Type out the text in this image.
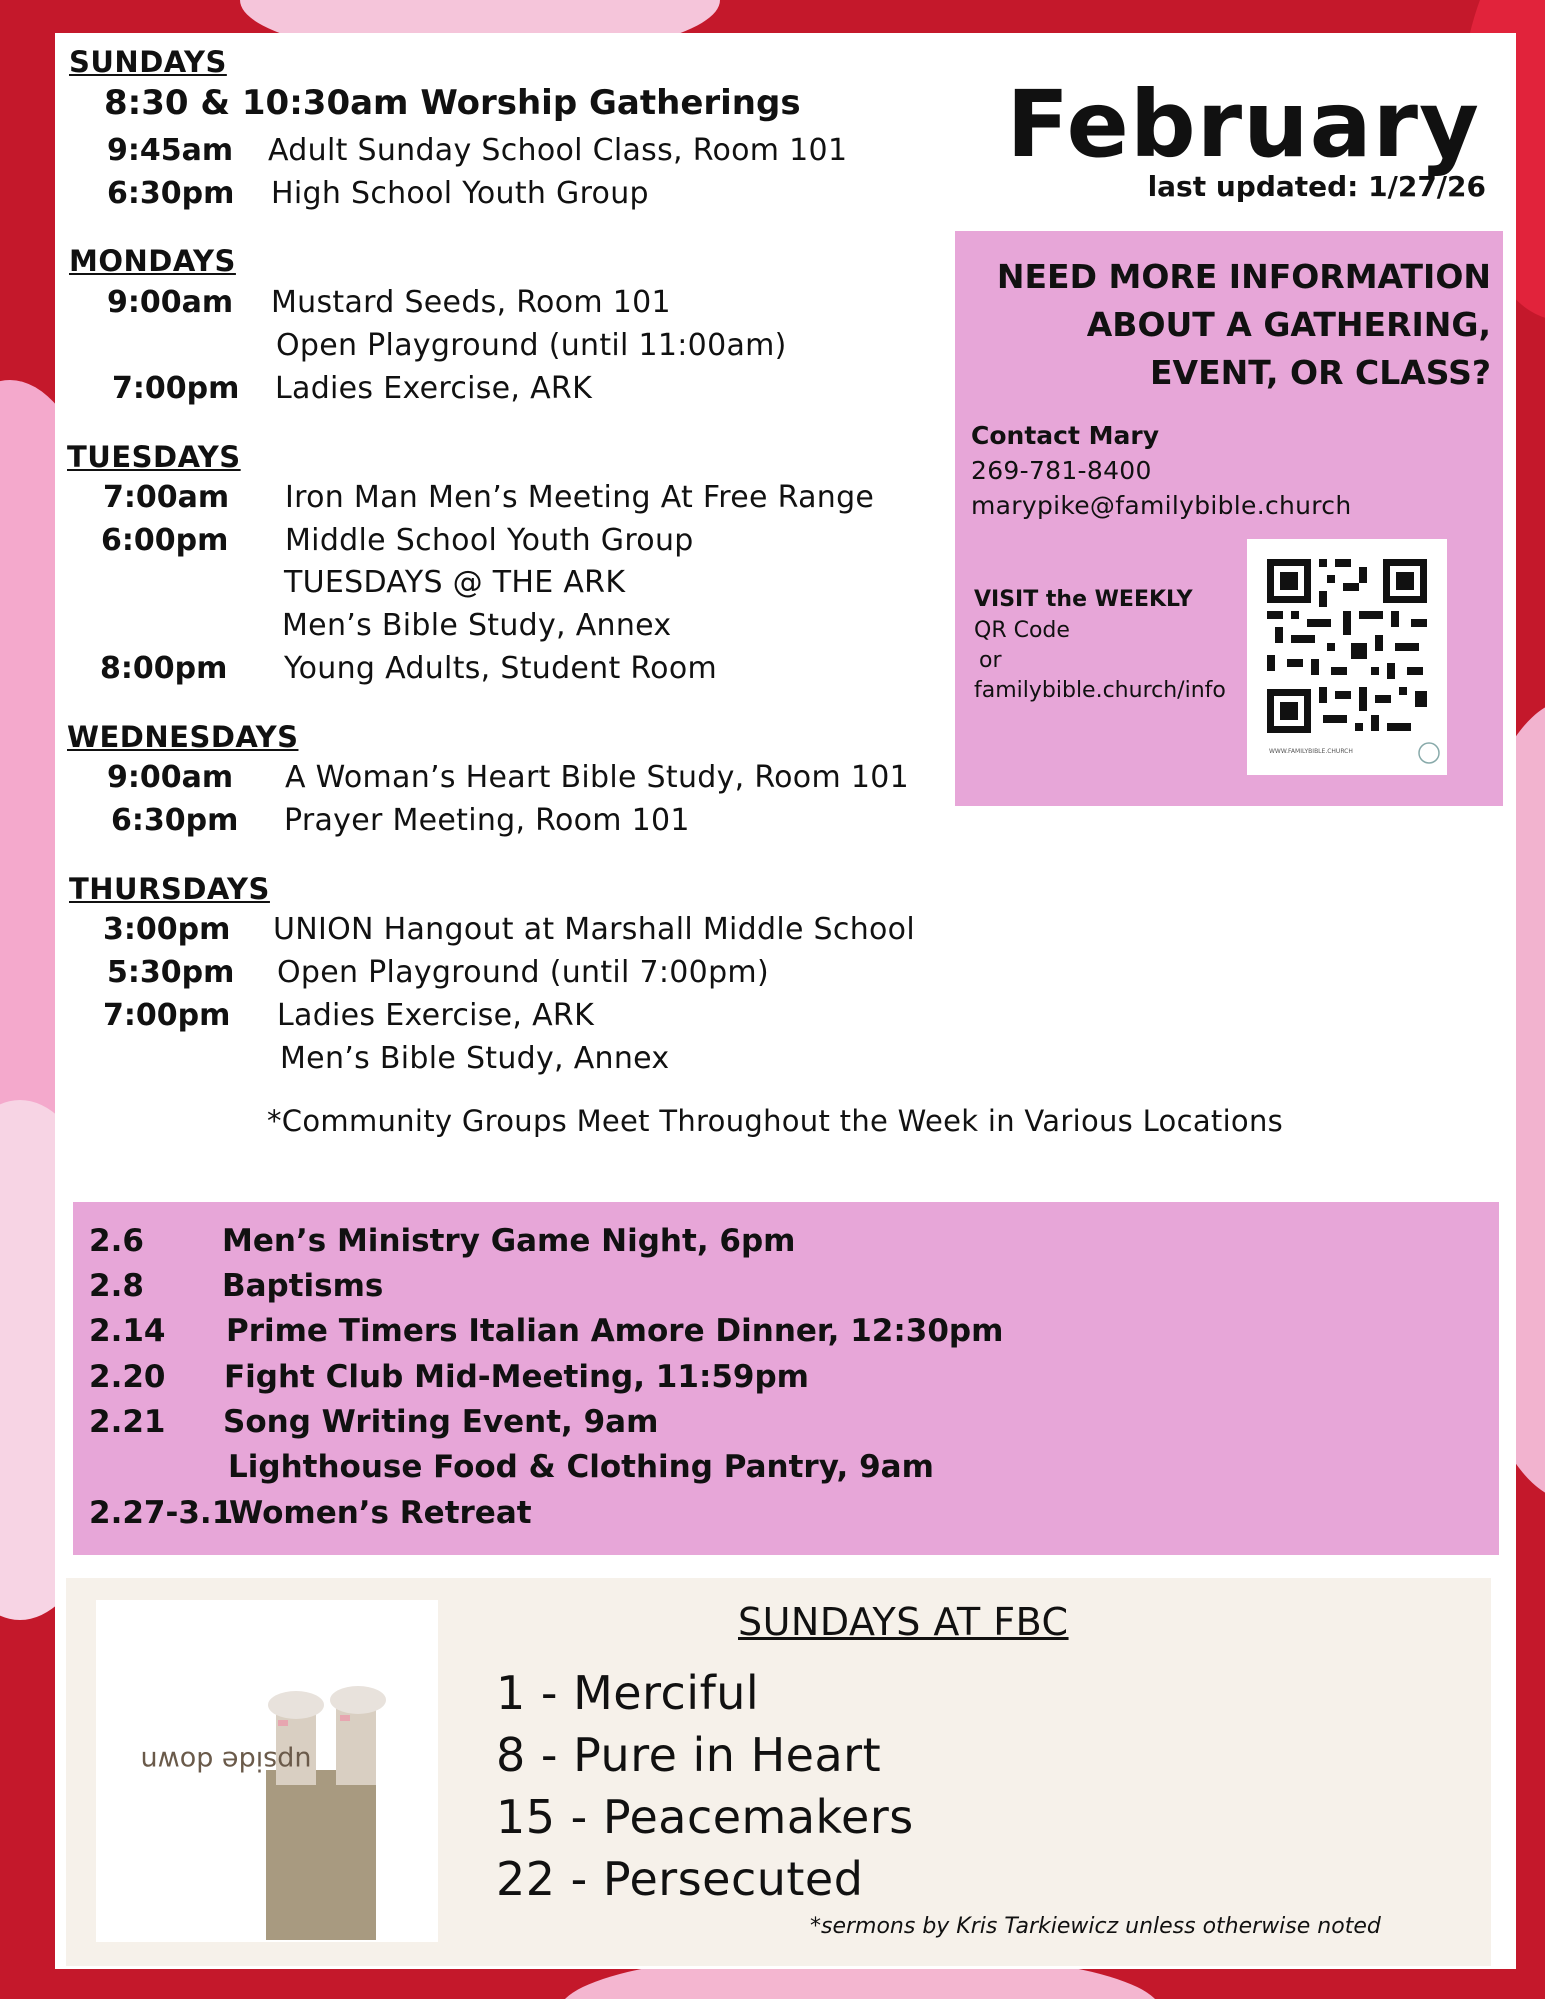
SUNDAYS
8:30 & 10:30am Worship Gatherings
9:45am Adult Sunday School Class, Room 101
6:30pm High School Youth Group
MONDAYS
9:00am Mustard Seeds, Room 101
Open Playground (until 11:00am)
7:00pm Ladies Exercise, ARK
TUESDAYS
7:00am Iron Man Men’s Meeting At Free Range
6:00pm Middle School Youth Group
TUESDAYS @ THE ARK
Men’s Bible Study, Annex
8:00pm Young Adults, Student Room
WEDNESDAYS
9:00am A Woman’s Heart Bible Study, Room 101
6:30pm Prayer Meeting, Room 101
THURSDAYS
3:00pm UNION Hangout at Marshall Middle School
5:30pm Open Playground (until 7:00pm)
7:00pm Ladies Exercise, ARK
Men’s Bible Study, Annex
*Community Groups Meet Throughout the Week in Various Locations
February
last updated: 1/27/26
NEED MORE INFORMATION
ABOUT A GATHERING,
EVENT, OR CLASS?
Contact Mary
269-781-8400
marypike@familybible.church
VISIT the WEEKLY
QR Code
or
familybible.church/info
WWW.FAMILYBIBLE.CHURCH
2.6	Men’s Ministry Game Night, 6pm
2.8	Baptisms
2.14 Prime Timers Italian Amore Dinner, 12:30pm
2.20 Fight Club Mid-Meeting, 11:59pm
2.21 Song Writing Event, 9am
Lighthouse Food & Clothing Pantry, 9am
2.27-3.1
Women’s Retreat
upside down
SUNDAYS AT FBC
1 - Merciful
8 - Pure in Heart
15 - Peacemakers
22 - Persecuted
*sermons by Kris Tarkiewicz unless otherwise noted
